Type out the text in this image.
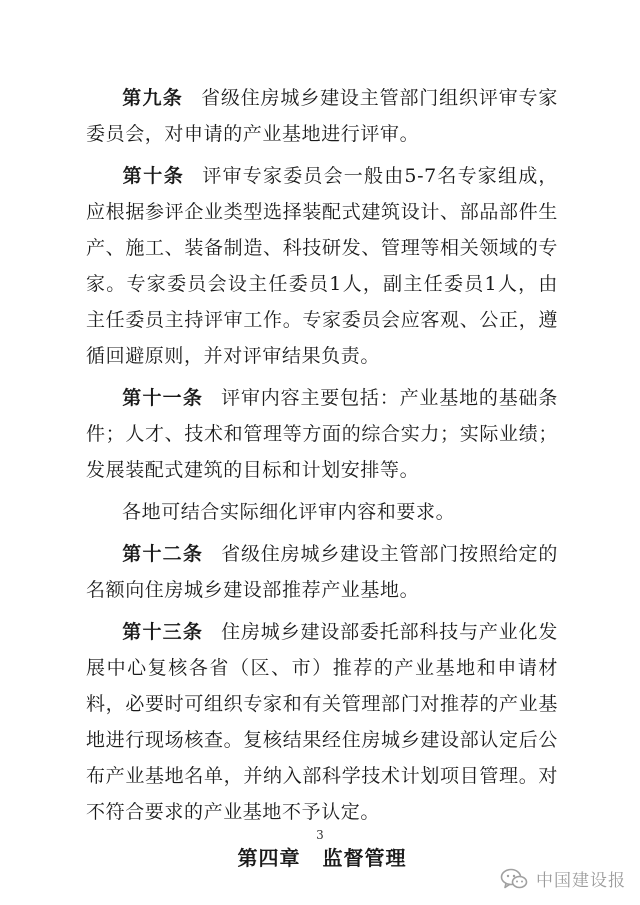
第九条 省级住房城乡建设主管部门组织评审专家委员会，对申请的产业基地进行评审。

第十条 评审专家委员会一般由5-7名专家组成，应根据参评企业类型选择装配式建筑设计、部品部件生产、施工、装备制造、科技研发、管理等相关领域的专家。专家委员会设主任委员1人，副主任委员1人，由主任委员主持评审工作。专家委员会应客观、公正，遵循回避原则，并对评审结果负责。

第十一条 评审内容主要包括：产业基地的基础条件；人才、技术和管理等方面的综合实力；实际业绩；发展装配式建筑的目标和计划安排等。

各地可结合实际细化评审内容和要求。

第十二条 省级住房城乡建设主管部门按照给定的名额向住房城乡建设部推荐产业基地。

第十三条 住房城乡建设部委托部科技与产业化发展中心复核各省（区、市）推荐的产业基地和申请材料，必要时可组织专家和有关管理部门对推荐的产业基地进行现场核查。复核结果经住房城乡建设部认定后公布产业基地名单，并纳入部科学技术计划项目管理。对不符合要求的产业基地不予认定。

第四章 监督管理
3
中国建设报
